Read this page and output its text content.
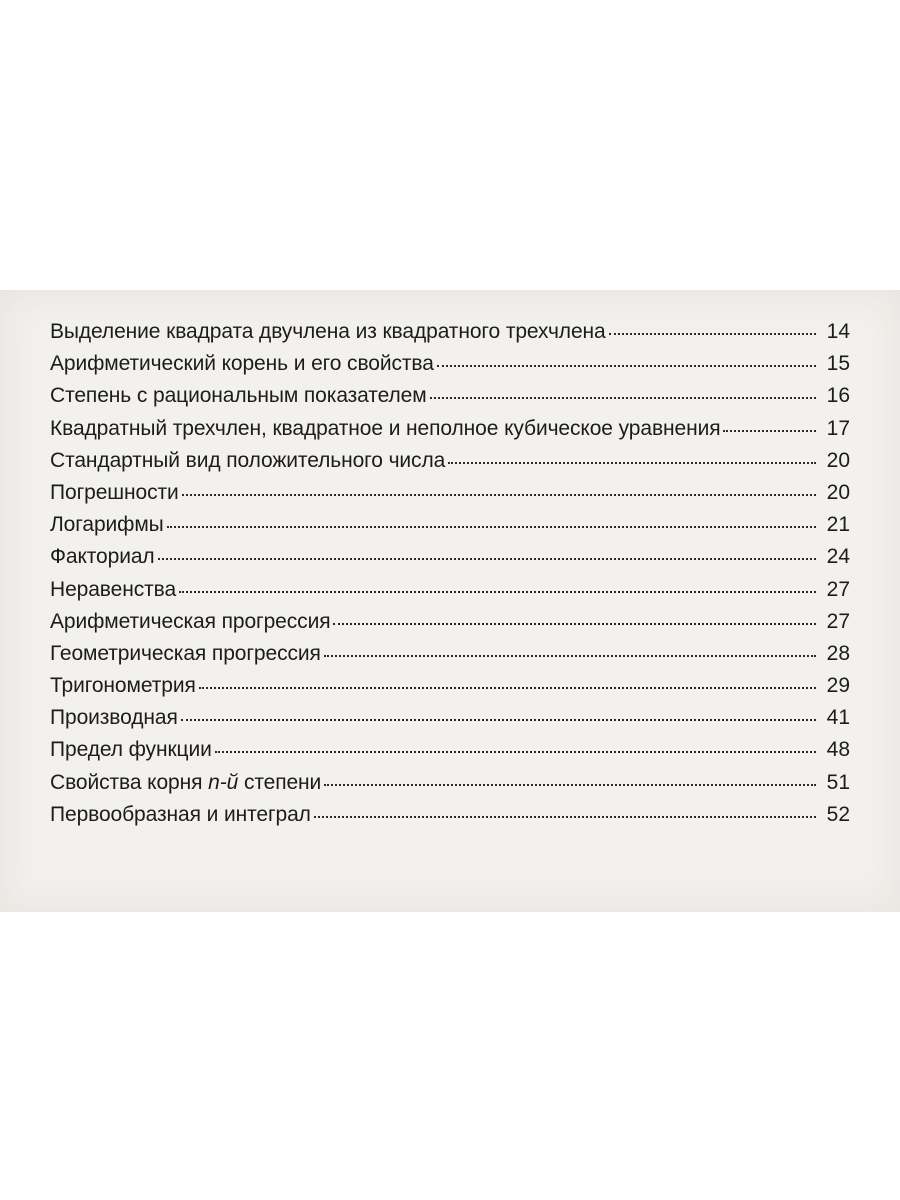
Выделение квадрата двучлена из квадратного трехчлена	14
Арифметический корень и его свойства	15
Степень с рациональным показателем	16
Квадратный трехчлен, квадратное и неполное кубическое уравнения	17
Стандартный вид положительного числа	20
Погрешности	20
Логарифмы	21
Факториал	24
Неравенства	27
Арифметическая прогрессия	27
Геометрическая прогрессия	28
Тригонометрия	29
Производная	41
Предел функции	48
Свойства корня n-й степени	51
Первообразная и интеграл	52
